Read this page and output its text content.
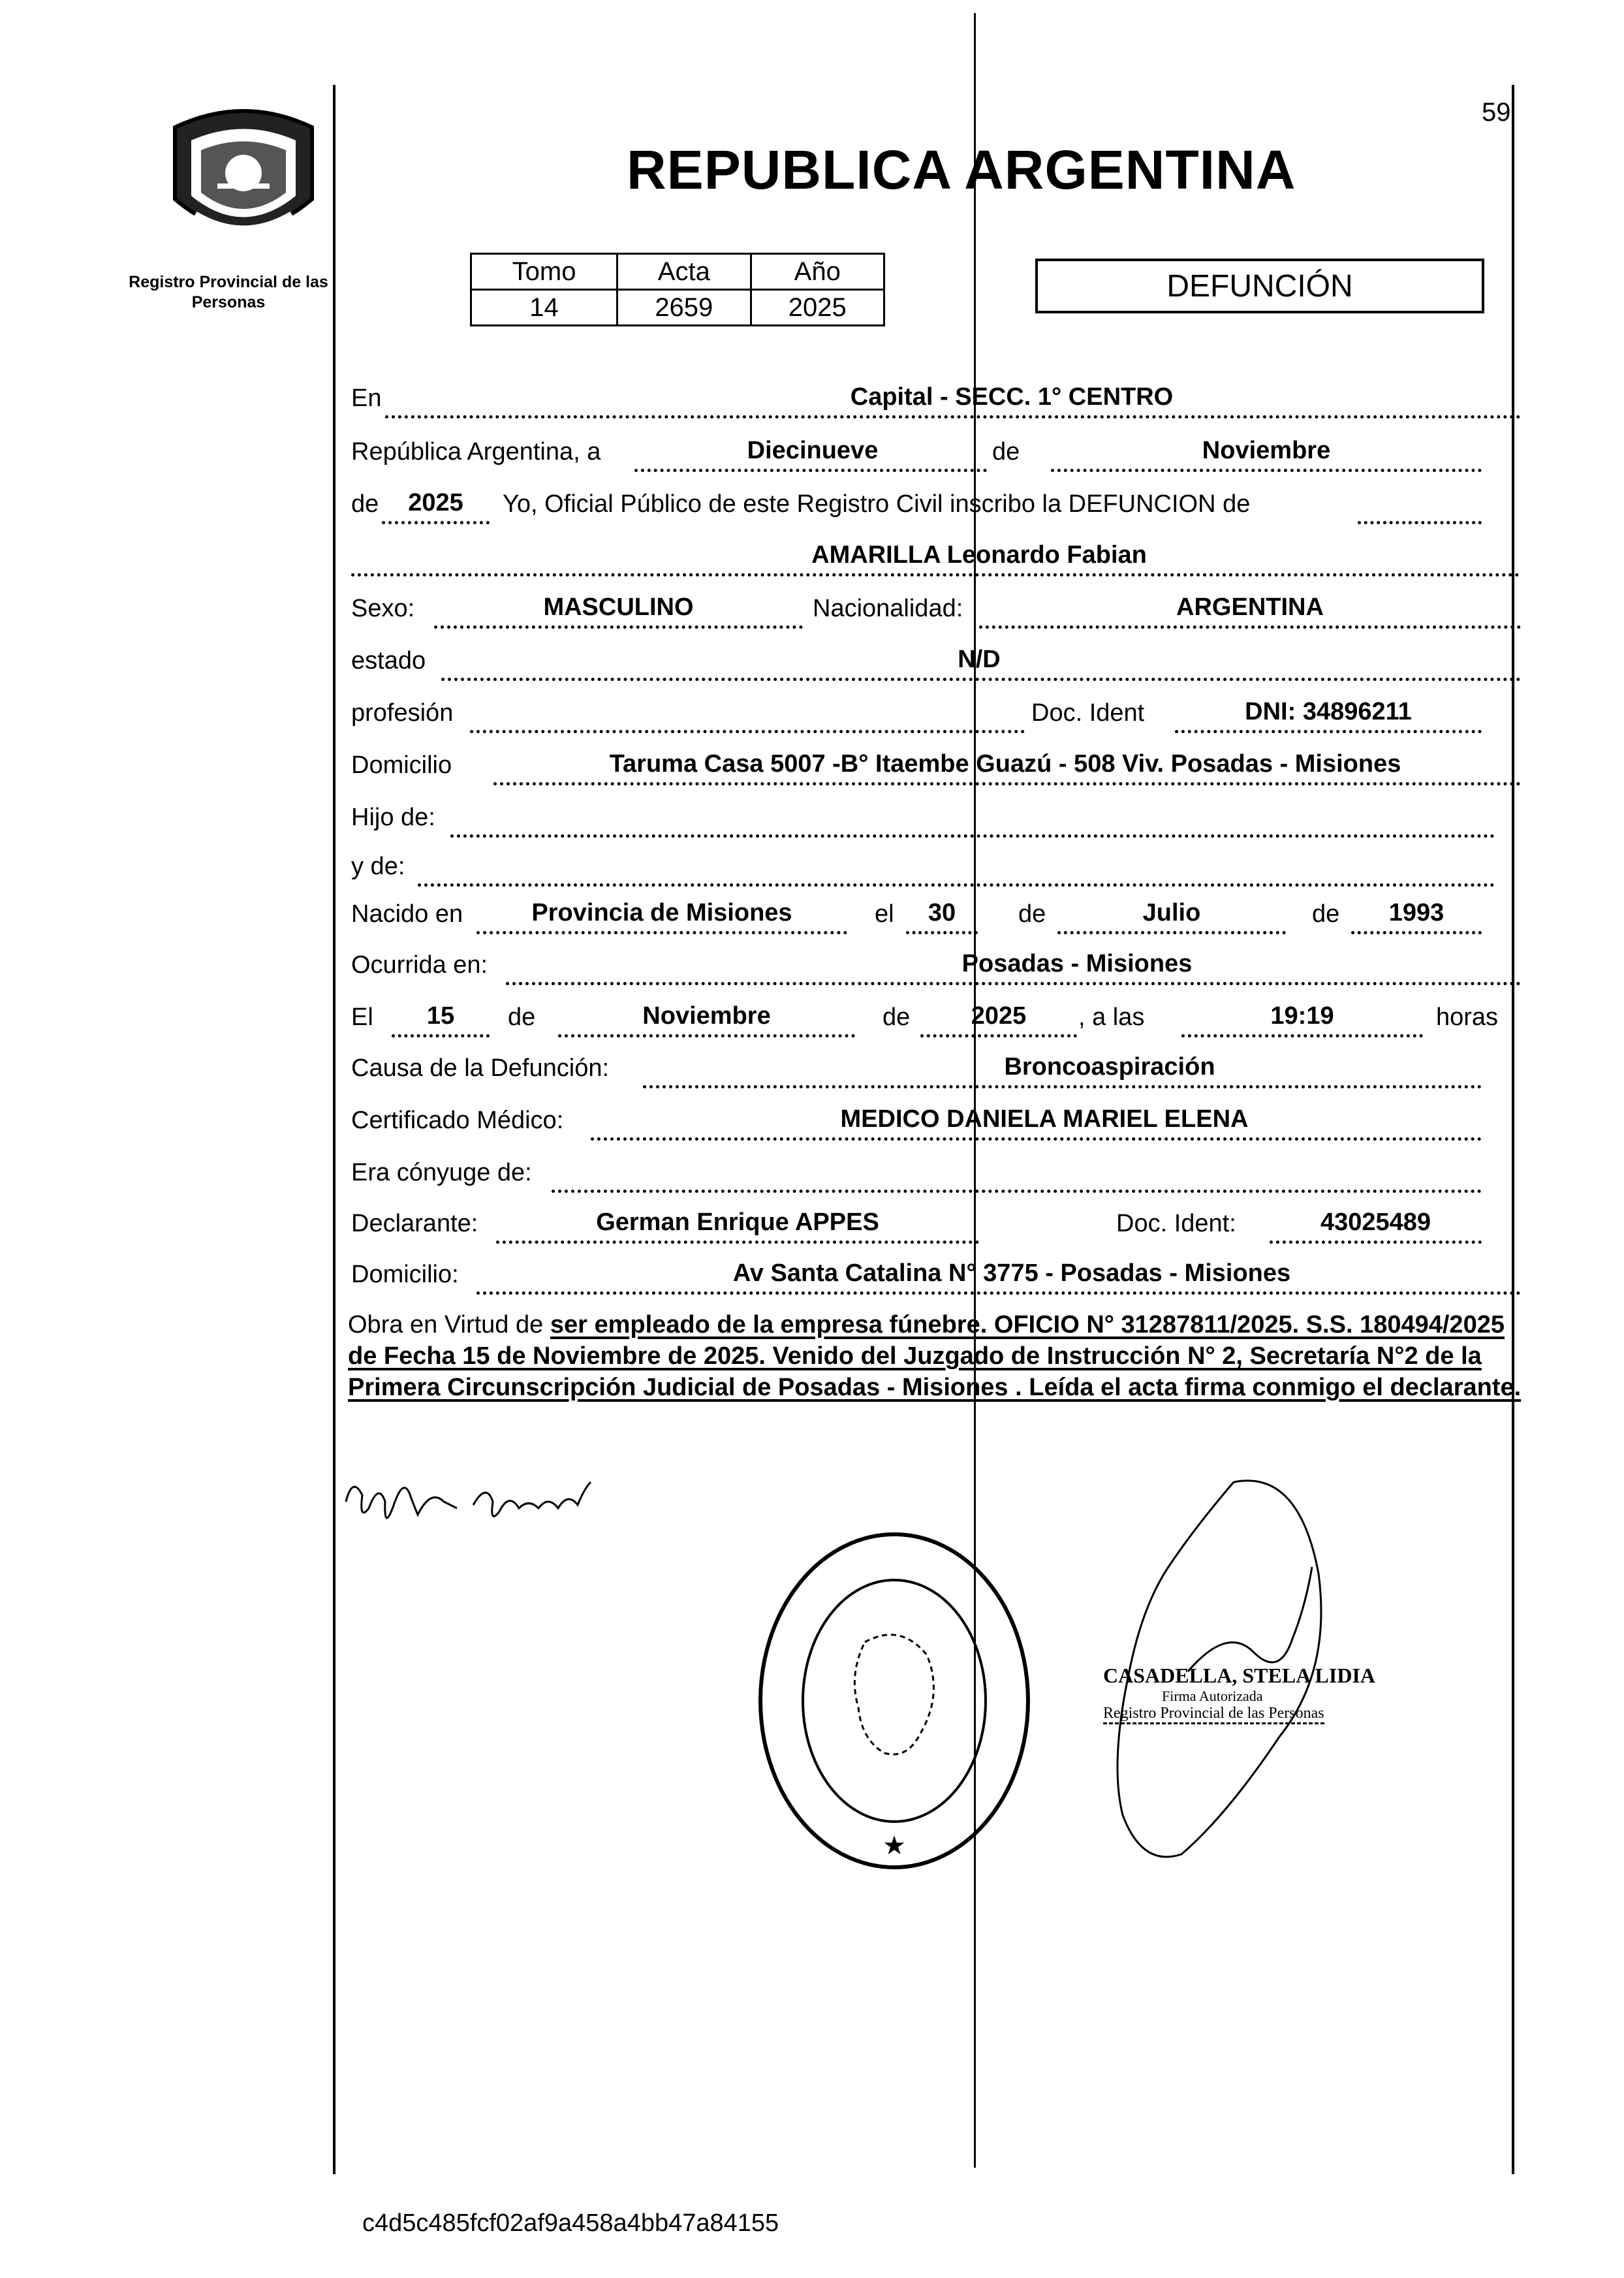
Registro Provincial de las Personas
59
REPUBLICA ARGENTINA
Tomo	Acta	Año
14	2659	2025
DEFUNCIÓN
En	Capital - SECC. 1° CENTRO
República Argentina, a	Diecinueve	de	Noviembre
de	2025	Yo, Oficial Público de este Registro Civil inscribo la DEFUNCION de
AMARILLA Leonardo Fabian
Sexo:	MASCULINO	Nacionalidad:	ARGENTINA
estado	N/D
profesión	Doc. Ident	DNI: 34896211
Domicilio	Taruma Casa 5007 -B° Itaembe Guazú - 508 Viv. Posadas - Misiones
Hijo de:
y de:
Nacido en	Provincia de Misiones	el	30	de	Julio	de	1993
Ocurrida en:	Posadas - Misiones
El	15	de	Noviembre	de	2025	, a las	19:19	horas
Causa de la Defunción:	Broncoaspiración
Certificado Médico:	MEDICO DANIELA MARIEL ELENA
Era cónyuge de:
Declarante:	German Enrique APPES	Doc. Ident:	43025489
Domicilio:	Av Santa Catalina N° 3775 - Posadas - Misiones
Obra en Virtud de ser empleado de la empresa fúnebre. OFICIO N° 31287811/2025. S.S. 180494/2025 de Fecha 15 de Noviembre de 2025. Venido del Juzgado de Instrucción N° 2, Secretaría N°2 de la Primera Circunscripción Judicial de Posadas - Misiones . Leída el acta firma conmigo el declarante.
★
CASADELLA, STELA LIDIA
Firma Autorizada
Registro Provincial de las Personas
c4d5c485fcf02af9a458a4bb47a84155
